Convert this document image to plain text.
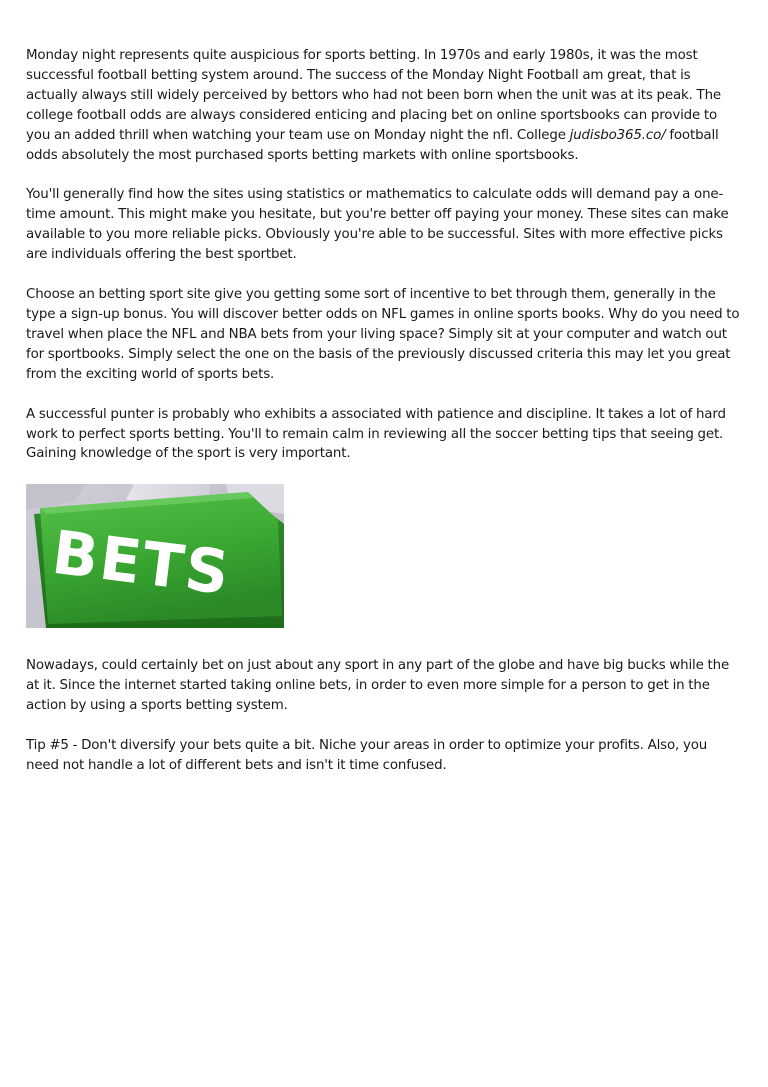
Monday night represents quite auspicious for sports betting. In 1970s and early 1980s, it was the most successful football betting system around. The success of the Monday Night Football am great, that is actually always still widely perceived by bettors who had not been born when the unit was at its peak. The college football odds are always considered enticing and placing bet on online sportsbooks can provide to you an added thrill when watching your team use on Monday night the nfl. College judisbo365.co/ football odds absolutely the most purchased sports betting markets with online sportsbooks.

You'll generally find how the sites using statistics or mathematics to calculate odds will demand pay a one-time amount. This might make you hesitate, but you're better off paying your money. These sites can make available to you more reliable picks. Obviously you're able to be successful. Sites with more effective picks are individuals offering the best sportbet.

Choose an betting sport site give you getting some sort of incentive to bet through them, generally in the type a sign-up bonus. You will discover better odds on NFL games in online sports books. Why do you need to travel when place the NFL and NBA bets from your living space? Simply sit at your computer and watch out for sportbooks. Simply select the one on the basis of the previously discussed criteria this may let you great from the exciting world of sports bets.

A successful punter is probably who exhibits a associated with patience and discipline. It takes a lot of hard work to perfect sports betting. You'll to remain calm in reviewing all the soccer betting tips that seeing get. Gaining knowledge of the sport is very important.

BETS

Nowadays, could certainly bet on just about any sport in any part of the globe and have big bucks while the at it. Since the internet started taking online bets, in order to even more simple for a person to get in the action by using a sports betting system.

Tip #5 - Don't diversify your bets quite a bit. Niche your areas in order to optimize your profits. Also, you need not handle a lot of different bets and isn't it time confused.
